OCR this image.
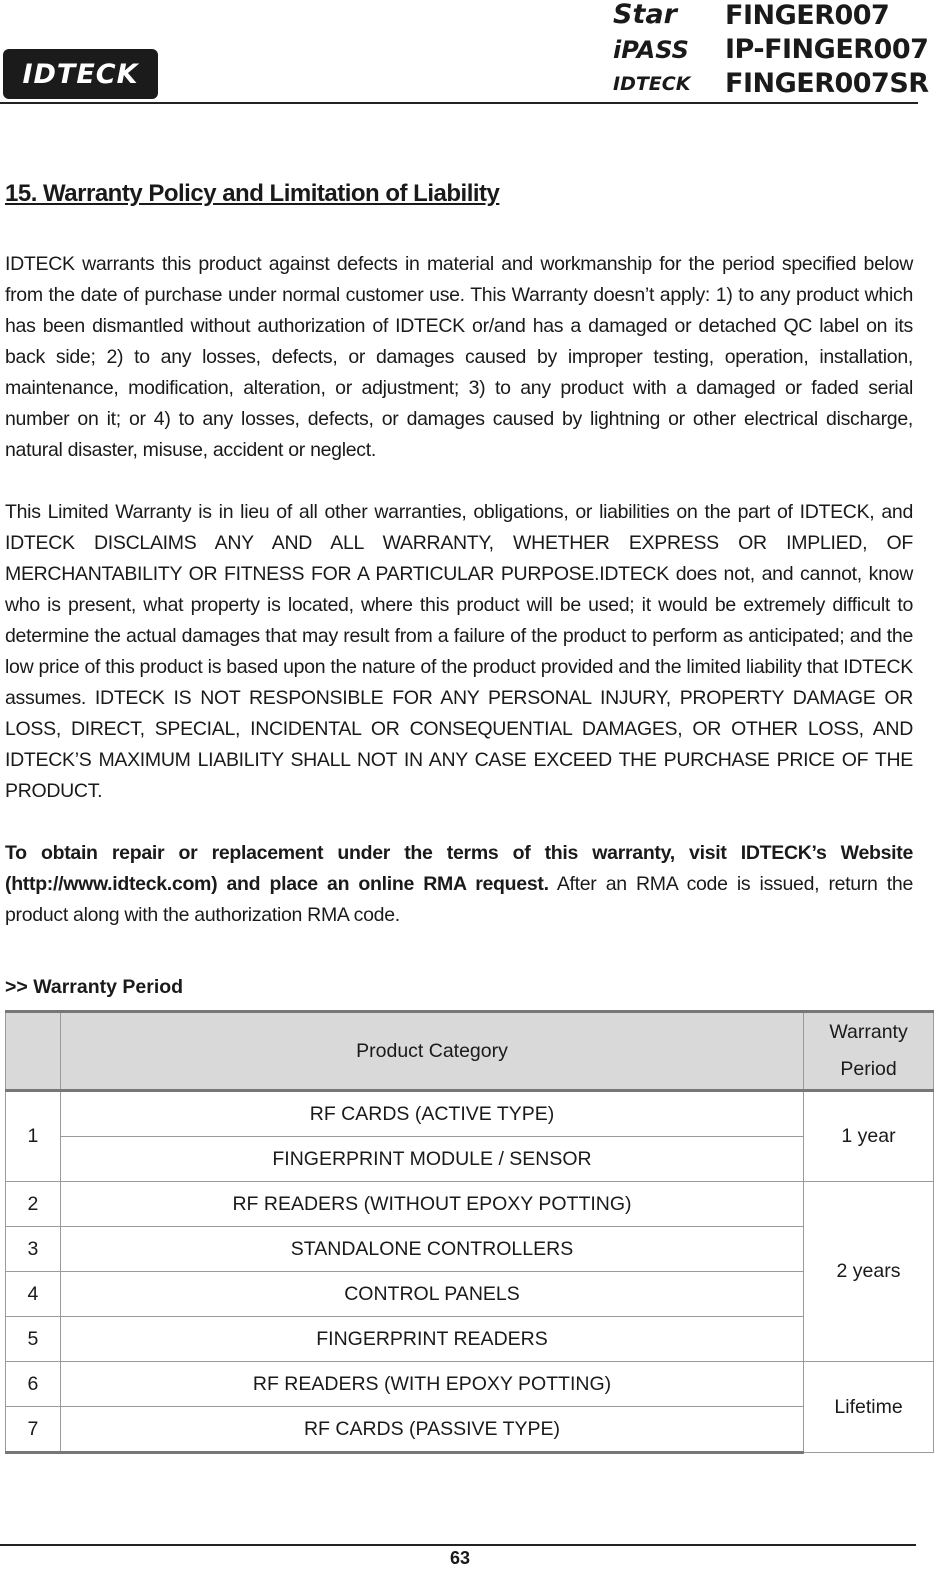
IDTECK
Star	FINGER007
iPASS	IP-FINGER007
IDTECK	FINGER007SR
15. Warranty Policy and Limitation of Liability

IDTECK warrants this product against defects in material and workmanship for the period specified below from the date of purchase under normal customer use. This Warranty doesn’t apply: 1) to any product which has been dismantled without authorization of IDTECK or/and has a damaged or detached QC label on its back side; 2) to any losses, defects, or damages caused by improper testing, operation, installation, maintenance, modification, alteration, or adjustment; 3) to any product with a damaged or faded serial number on it; or 4) to any losses, defects, or damages caused by lightning or other electrical discharge, natural disaster, misuse, accident or neglect.

This Limited Warranty is in lieu of all other warranties, obligations, or liabilities on the part of IDTECK, and IDTECK DISCLAIMS ANY AND ALL WARRANTY, WHETHER EXPRESS OR IMPLIED, OF MERCHANTABILITY OR FITNESS FOR A PARTICULAR PURPOSE.IDTECK does not, and cannot, know who is present, what property is located, where this product will be used; it would be extremely difficult to determine the actual damages that may result from a failure of the product to perform as anticipated; and the low price of this product is based upon the nature of the product provided and the limited liability that IDTECK assumes. IDTECK IS NOT RESPONSIBLE FOR ANY PERSONAL INJURY, PROPERTY DAMAGE OR LOSS, DIRECT, SPECIAL, INCIDENTAL OR CONSEQUENTIAL DAMAGES, OR OTHER LOSS, AND IDTECK’S MAXIMUM LIABILITY SHALL NOT IN ANY CASE EXCEED THE PURCHASE PRICE OF THE PRODUCT.

To obtain repair or replacement under the terms of this warranty, visit IDTECK’s Website (http://www.idteck.com) and place an online RMA request. After an RMA code is issued, return the product along with the authorization RMA code.

>> Warranty Period
	Product Category	Warranty
Period
1	RF CARDS (ACTIVE TYPE)	1 year
	FINGERPRINT MODULE / SENSOR	
2	RF READERS (WITHOUT EPOXY POTTING)	2 years
3	STANDALONE CONTROLLERS	
4	CONTROL PANELS	
5	FINGERPRINT READERS	
6	RF READERS (WITH EPOXY POTTING)	Lifetime
7	RF CARDS (PASSIVE TYPE)	
63
